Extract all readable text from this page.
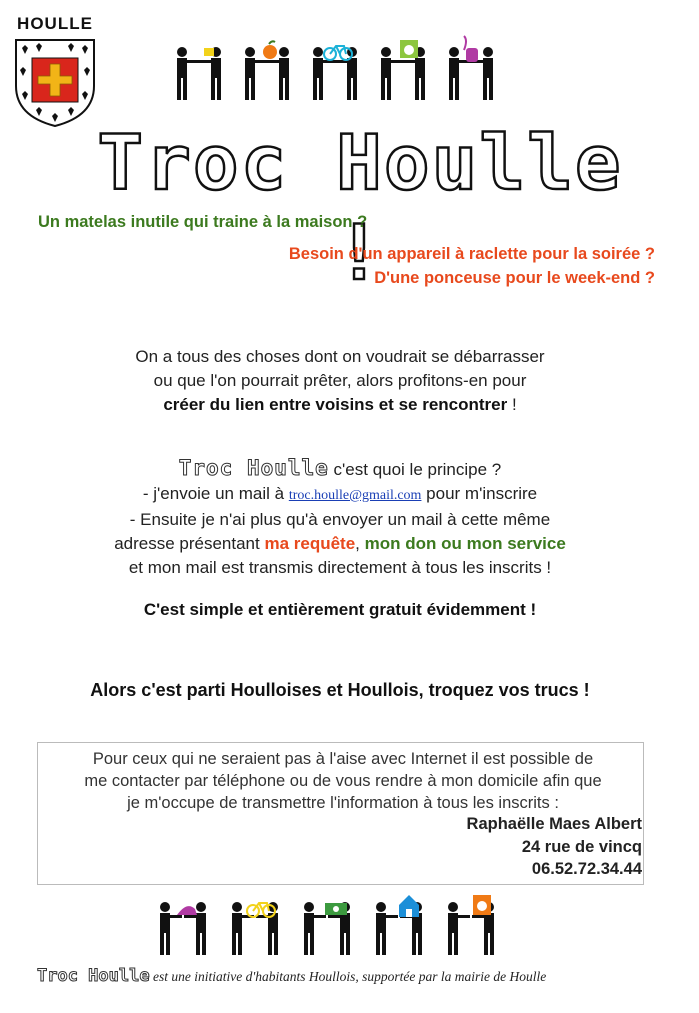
HOULLE
Troc Houlle !
Un matelas inutile qui traine à la maison ?
Besoin d'un appareil à raclette pour la soirée ?
D'une ponceuse pour le week-end ?
On a tous des choses dont on voudrait se débarrasser
ou que l'on pourrait prêter, alors profitons-en pour
créer du lien entre voisins et se rencontrer !
Troc Houlle c'est quoi le principe ?
- j'envoie un mail à troc.houlle@gmail.com pour m'inscrire
- Ensuite je n'ai plus qu'à envoyer un mail à cette même
adresse présentant ma requête, mon don ou mon service
et mon mail est transmis directement à tous les inscrits !
C'est simple et entièrement gratuit évidemment !
Alors c'est parti Houlloises et Houllois, troquez vos trucs !
Pour ceux qui ne seraient pas à l'aise avec Internet il est possible de
me contacter par téléphone ou de vous rendre à mon domicile afin que
je m'occupe de transmettre l'information à tous les inscrits :
Raphaëlle Maes Albert
24 rue de vincq
06.52.72.34.44
Troc Houlle est une initiative d'habitants Houllois, supportée par la mairie de Houlle
